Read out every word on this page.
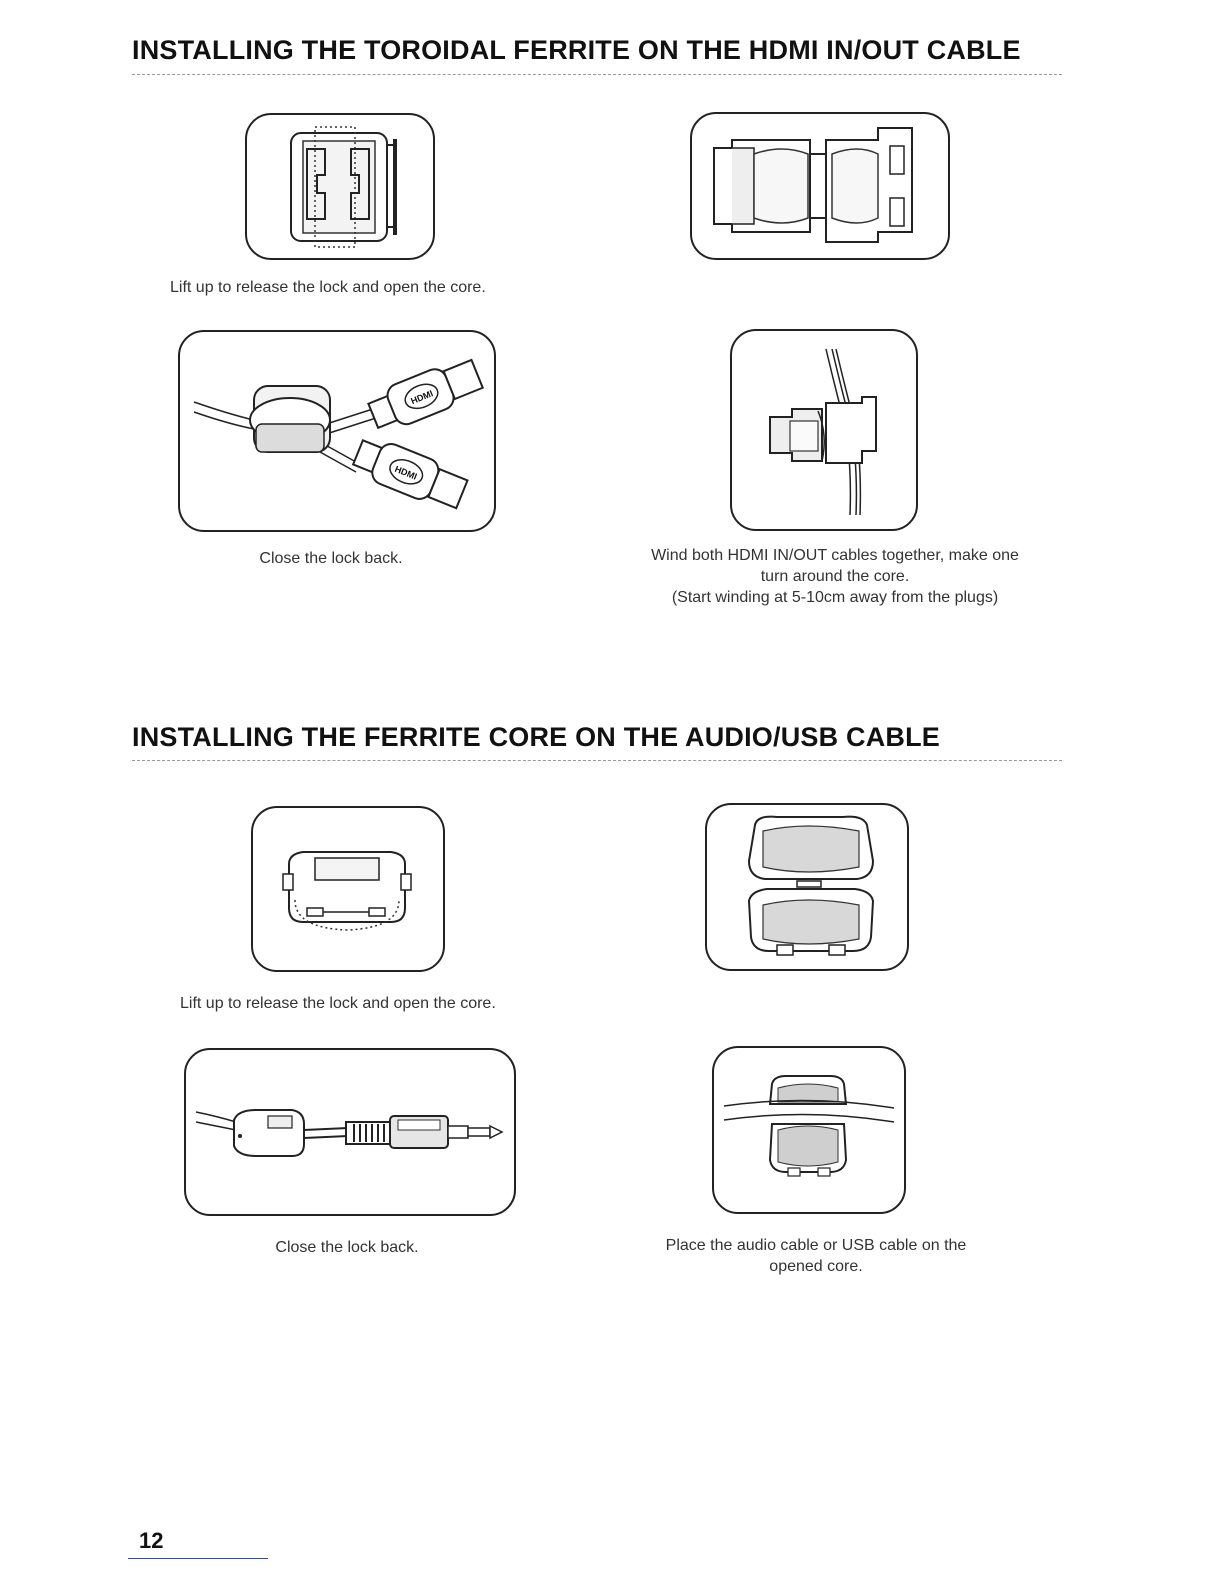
INSTALLING THE TOROIDAL FERRITE ON THE HDMI IN/OUT CABLE
Lift up to release the lock and open the core.
HDMI
HDMI
Close the lock back.	Wind both HDMI IN/OUT cables together, make one
turn around the core.
(Start winding at 5-10cm away from the plugs)
INSTALLING THE FERRITE CORE ON THE AUDIO/USB CABLE
Lift up to release the lock and open the core.
Close the lock back.	Place the audio cable or USB cable on the
opened core.
12
